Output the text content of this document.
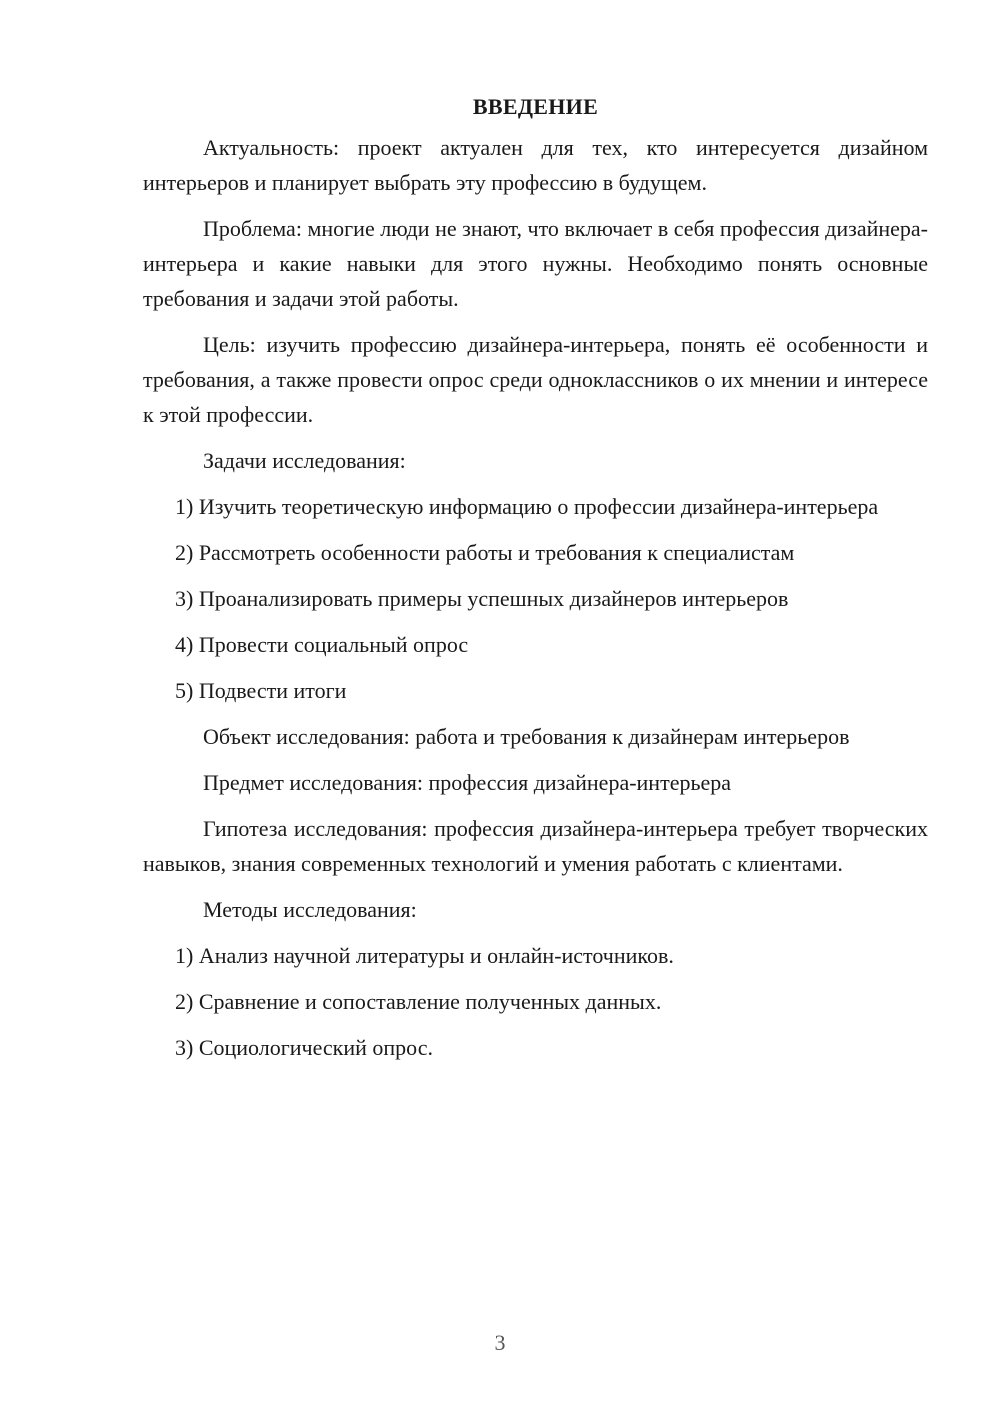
ВВЕДЕНИЕ

Актуальность: проект актуален для тех, кто интересуется дизайном интерьеров и планирует выбрать эту профессию в будущем.

Проблема: многие люди не знают, что включает в себя профессия дизайнера-интерьера и какие навыки для этого нужны. Необходимо понять основные требования и задачи этой работы.

Цель: изучить профессию дизайнера-интерьера, понять её особенности и требования, а также провести опрос среди одноклассников о их мнении и интересе к этой профессии.

Задачи исследования:

1) Изучить теоретическую информацию о профессии дизайнера-интерьера

2) Рассмотреть особенности работы и требования к специалистам

3) Проанализировать примеры успешных дизайнеров интерьеров

4) Провести социальный опрос

5) Подвести итоги

Объект исследования: работа и требования к дизайнерам интерьеров

Предмет исследования: профессия дизайнера-интерьера

Гипотеза исследования: профессия дизайнера-интерьера требует творческих навыков, знания современных технологий и умения работать с клиентами.

Методы исследования:

1) Анализ научной литературы и онлайн-источников.

2) Сравнение и сопоставление полученных данных.

3) Социологический опрос.

3
